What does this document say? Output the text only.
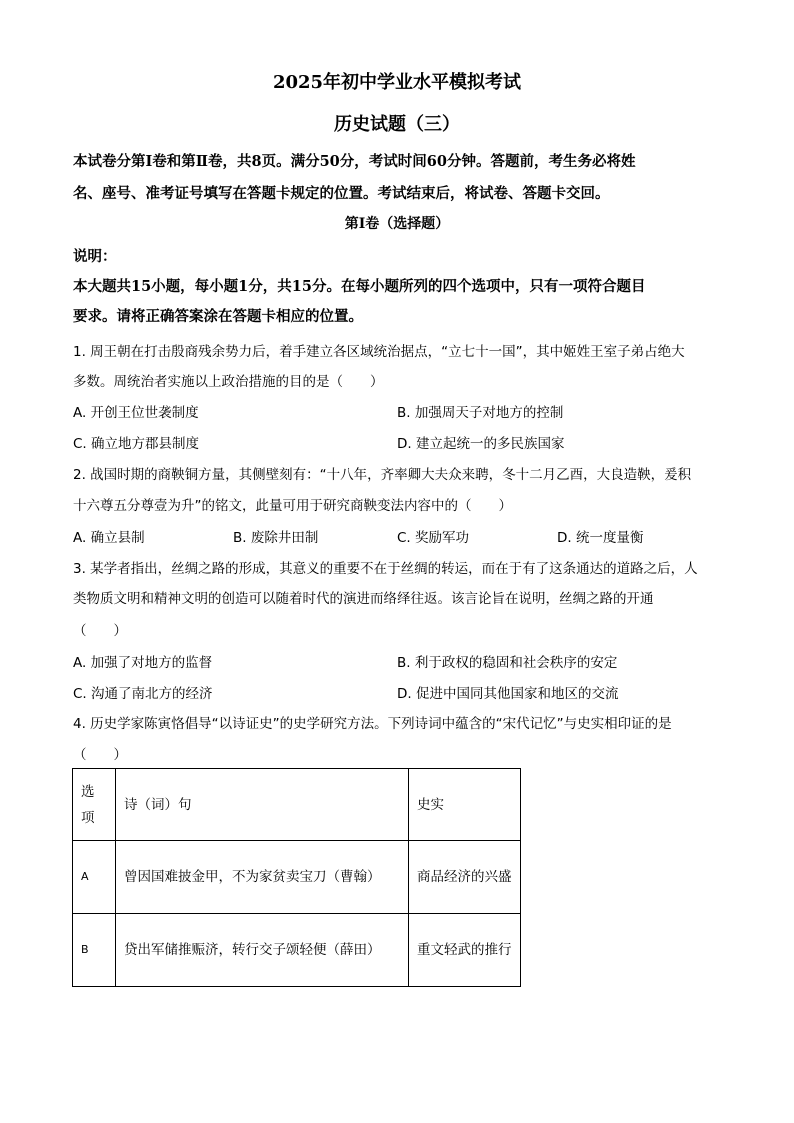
2025年初中学业水平模拟考试
历史试题（三）
本试卷分第Ⅰ卷和第Ⅱ卷，共8页。满分50分，考试时间60分钟。答题前，考生务必将姓
名、座号、准考证号填写在答题卡规定的位置。考试结束后，将试卷、答题卡交回。
第Ⅰ卷（选择题）
说明：
本大题共15小题，每小题1分，共15分。在每小题所列的四个选项中，只有一项符合题目
要求。请将正确答案涂在答题卡相应的位置。
1. 周王朝在打击殷商残余势力后，着手建立各区域统治据点，“立七十一国”，其中姬姓王室子弟占绝大
多数。周统治者实施以上政治措施的目的是（　　）
A. 开创王位世袭制度	B. 加强周天子对地方的控制
C. 确立地方郡县制度	D. 建立起统一的多民族国家
2. 战国时期的商鞅铜方量，其侧壁刻有：“十八年，齐率卿大夫众来聘，冬十二月乙酉，大良造鞅，爰积
十六尊五分尊壹为升”的铭文，此量可用于研究商鞅变法内容中的（　　）
A. 确立县制	B. 废除井田制	C. 奖励军功	D. 统一度量衡
3. 某学者指出，丝绸之路的形成，其意义的重要不在于丝绸的转运，而在于有了这条通达的道路之后，人
类物质文明和精神文明的创造可以随着时代的演进而络绎往返。该言论旨在说明，丝绸之路的开通
（　　）
A. 加强了对地方的监督	B. 利于政权的稳固和社会秩序的安定
C. 沟通了南北方的经济	D. 促进中国同其他国家和地区的交流
4. 历史学家陈寅恪倡导“以诗证史”的史学研究方法。下列诗词中蕴含的“宋代记忆”与史实相印证的是
（　　）
选项	诗（词）句	史实
A	曾因国难披金甲，不为家贫卖宝刀（曹翰）	商品经济的兴盛
B	贷出军储推赈济，转行交子颂轻便（薛田）	重文轻武的推行
